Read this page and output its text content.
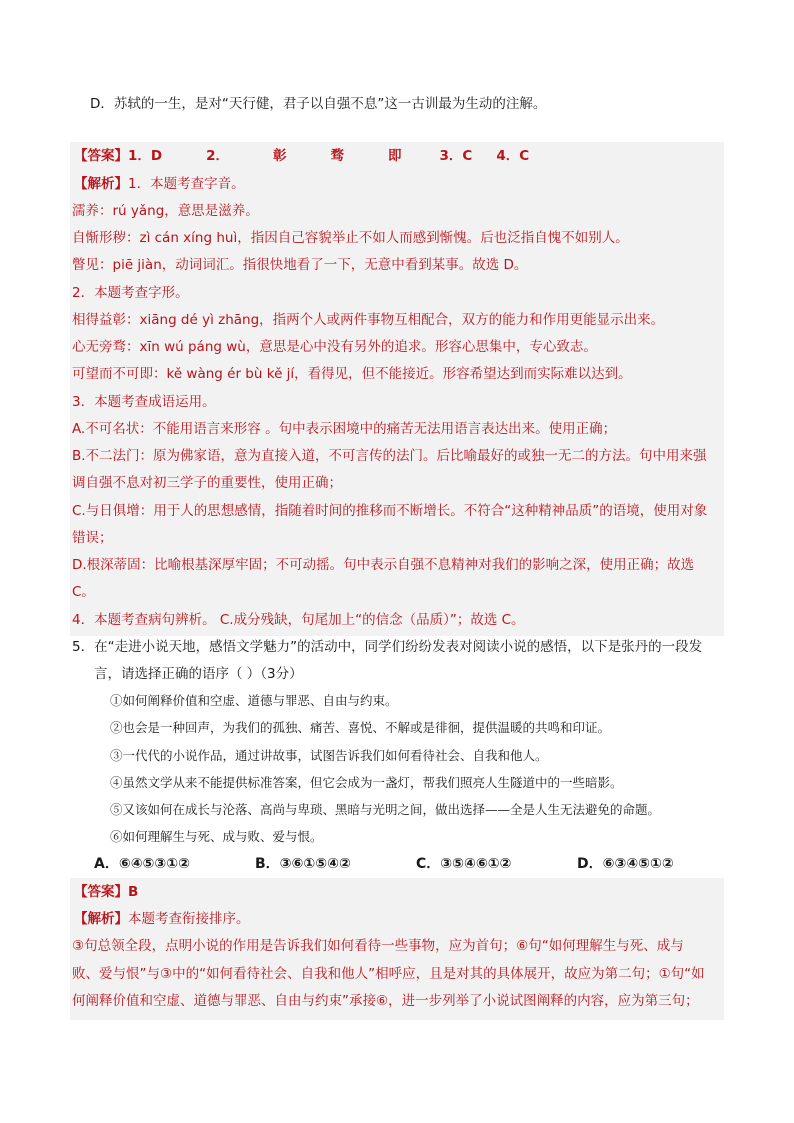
D．苏轼的一生，是对“天行健，君子以自强不息”这一古训最为生动的注解。
【答案】1．D	2．	彰	骛	即	3．C 4．C
【解析】1．本题考查字音。
濡养：rú yǎng，意思是滋养。
自惭形秽：zì cán xíng huì，指因自己容貌举止不如人而感到惭愧。后也泛指自愧不如别人。
瞥见：piē jiàn，动词词汇。指很快地看了一下，无意中看到某事。故选 D。
2．本题考查字形。
相得益彰：xiāng dé yì zhāng，指两个人或两件事物互相配合，双方的能力和作用更能显示出来。
心无旁骛：xīn wú páng wù，意思是心中没有另外的追求。形容心思集中，专心致志。
可望而不可即：kě wàng ér bù kě jí，看得见，但不能接近。形容希望达到而实际难以达到。
3．本题考查成语运用。
A.不可名状：不能用语言来形容 。句中表示困境中的痛苦无法用语言表达出来。使用正确；
B.不二法门：原为佛家语，意为直接入道，不可言传的法门。后比喻最好的或独一无二的方法。句中用来强
调自强不息对初三学子的重要性，使用正确；
C.与日俱增：用于人的思想感情，指随着时间的推移而不断增长。不符合“这种精神品质”的语境，使用对象
错误；
D.根深蒂固：比喻根基深厚牢固；不可动摇。句中表示自强不息精神对我们的影响之深，使用正确；故选
C。
4．本题考查病句辨析。 C.成分残缺，句尾加上“的信念（品质）”；故选 C。
5．在“走进小说天地，感悟文学魅力”的活动中，同学们纷纷发表对阅读小说的感悟，以下是张丹的一段发
言，请选择正确的语序（ ）（3分）
①如何阐释价值和空虚、道德与罪恶、自由与约束。
②也会是一种回声，为我们的孤独、痛苦、喜悦、不解或是徘徊，提供温暖的共鸣和印证。
③一代代的小说作品，通过讲故事，试图告诉我们如何看待社会、自我和他人。
④虽然文学从来不能提供标准答案，但它会成为一盏灯，帮我们照亮人生隧道中的一些暗影。
⑤又该如何在成长与沦落、高尚与卑琐、黑暗与光明之间，做出选择——全是人生无法避免的命题。
⑥如何理解生与死、成与败、爱与恨。
A．⑥④⑤③①②	B．③⑥①⑤④②	C．③⑤④⑥①②	D．⑥③④⑤①②
【答案】B
【解析】本题考查衔接排序。
③句总领全段，点明小说的作用是告诉我们如何看待一些事物，应为首句；⑥句“如何理解生与死、成与
败、爱与恨”与③中的“如何看待社会、自我和他人”相呼应，且是对其的具体展开，故应为第二句；①句“如
何阐释价值和空虚、道德与罪恶、自由与约束”承接⑥，进一步列举了小说试图阐释的内容，应为第三句；
